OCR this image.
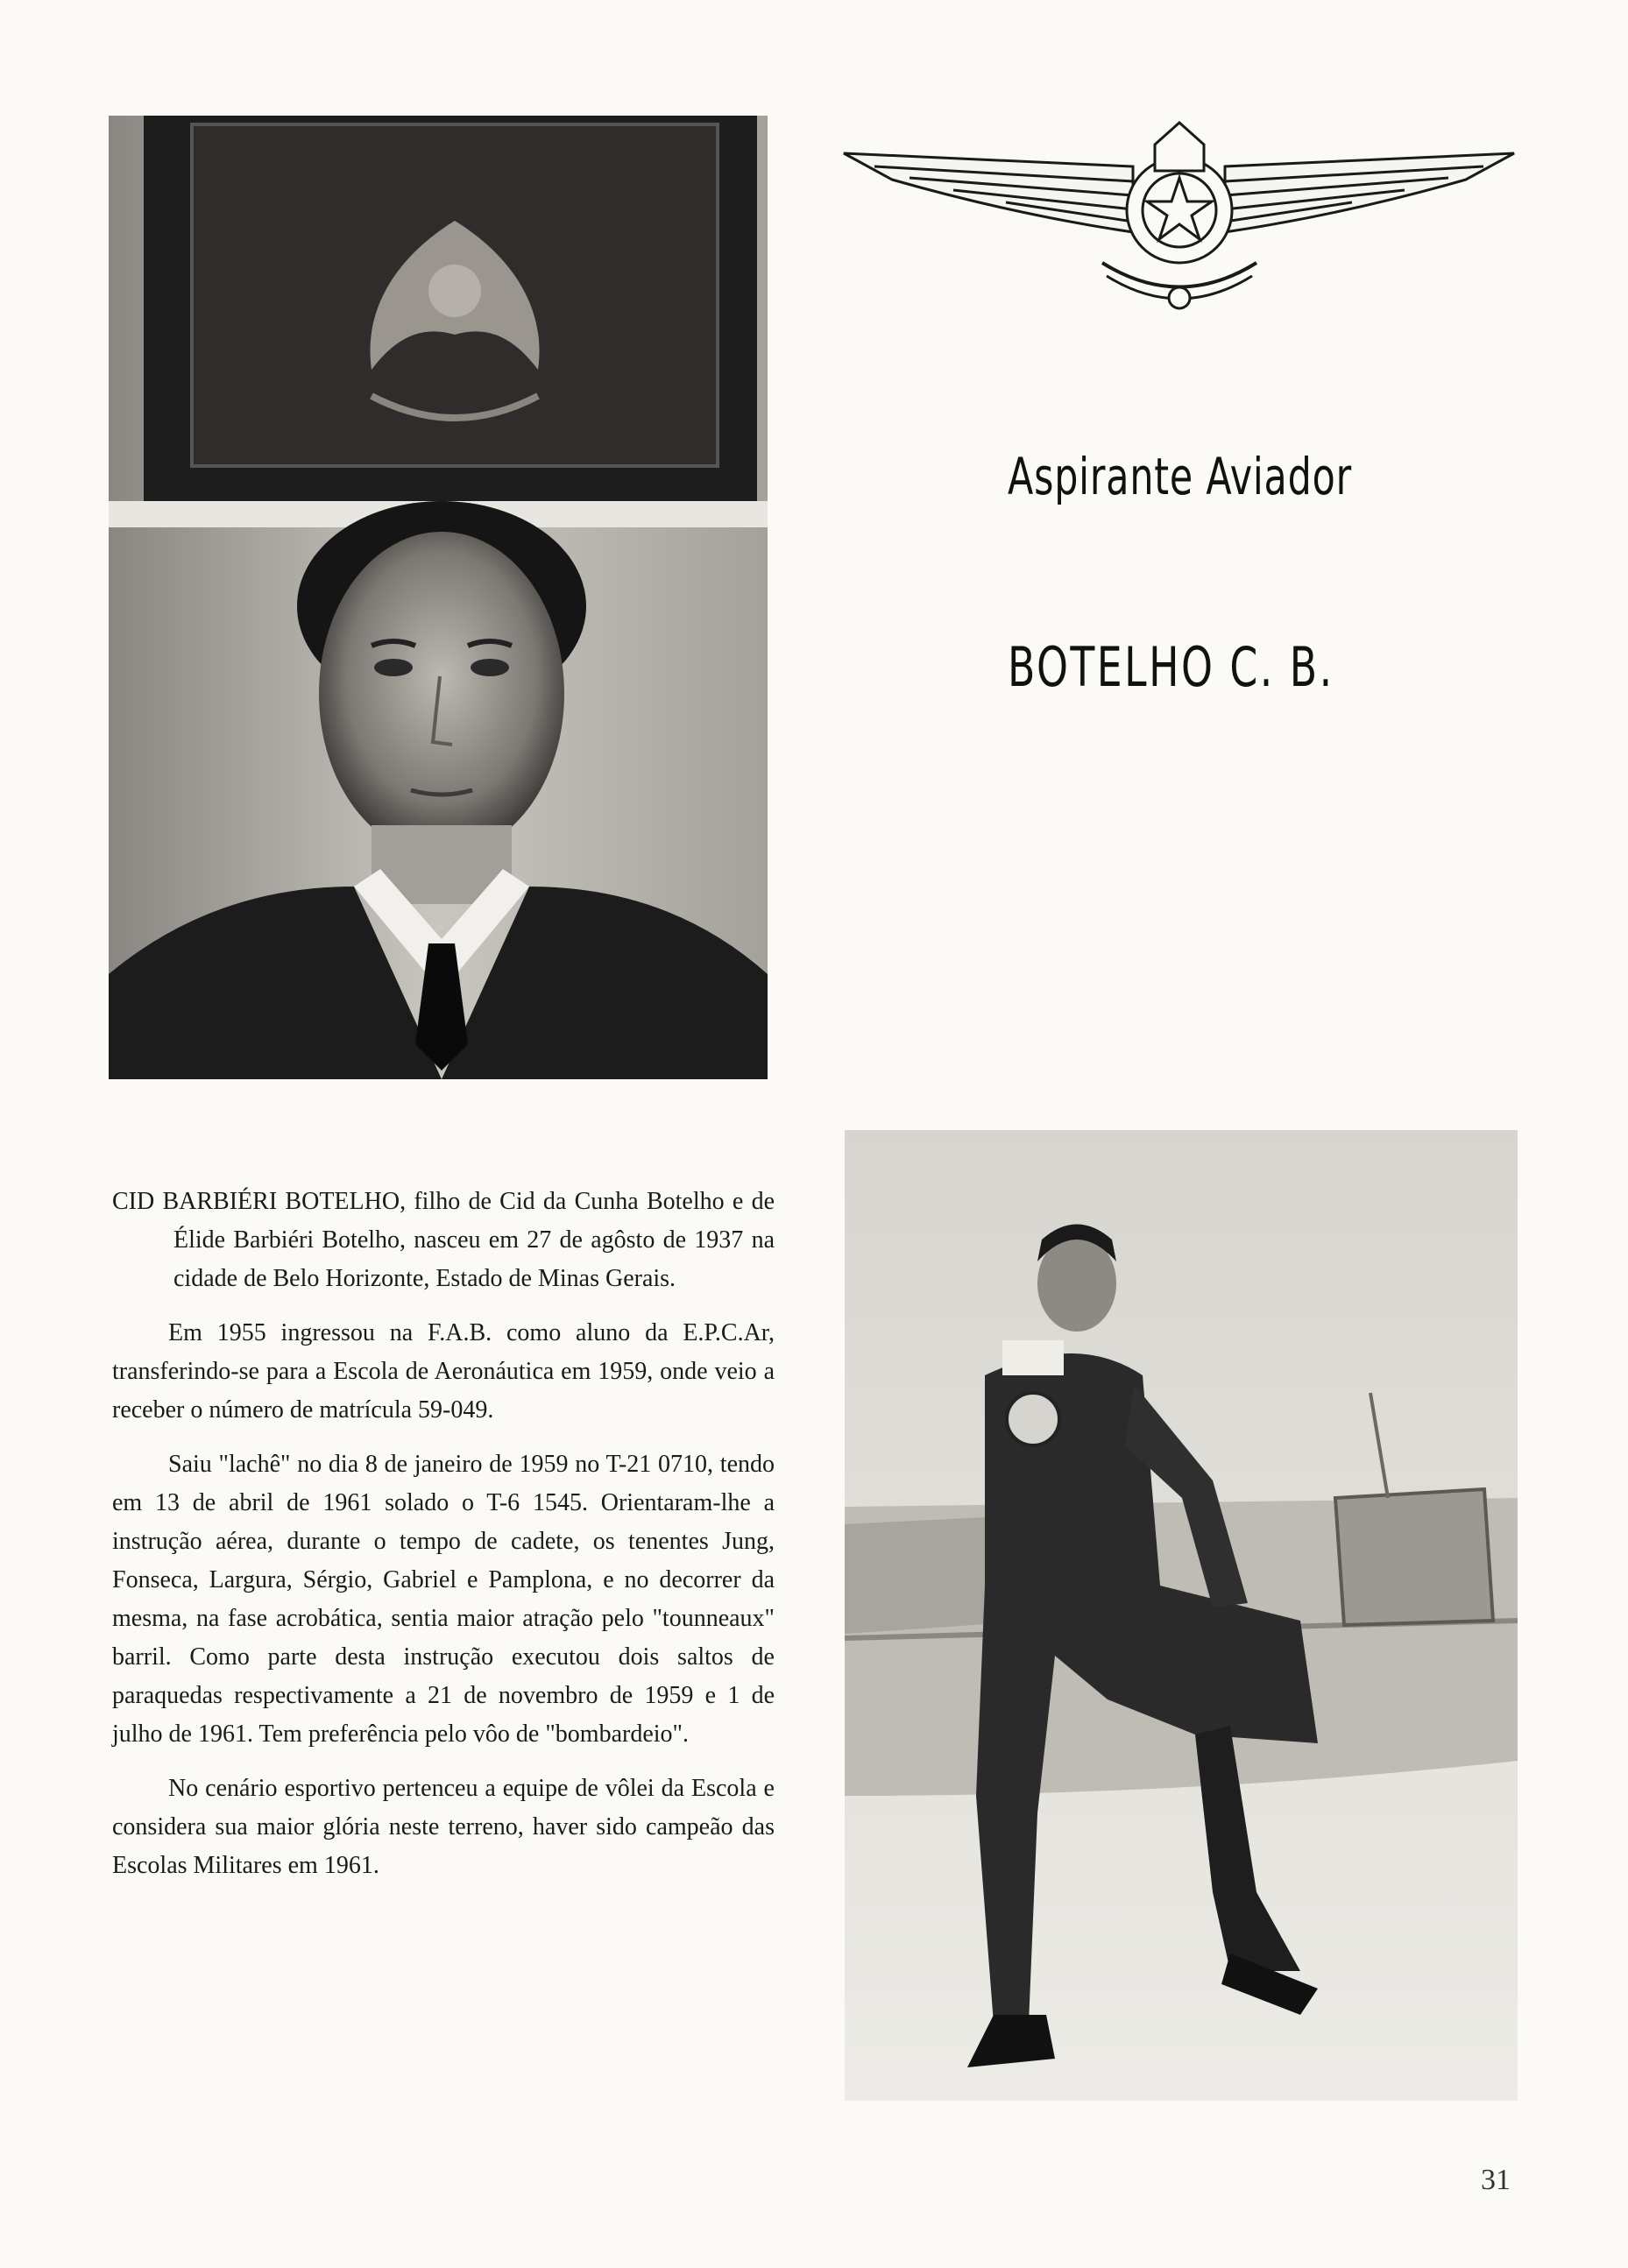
Aspirante Aviador
BOTELHO C. B.

CID BARBIÉRI BOTELHO, filho de Cid da Cunha Botelho e de Élide Barbiéri Botelho, nasceu em 27 de agôsto de 1937 na cidade de Belo Horizonte, Estado de Minas Gerais.

Em 1955 ingressou na F.A.B. como aluno da E.P.C.Ar, transferindo-se para a Escola de Aeronáutica em 1959, onde veio a receber o número de matrícula 59-049.

Saiu "lachê" no dia 8 de janeiro de 1959 no T-21 0710, tendo em 13 de abril de 1961 solado o T-6 1545. Orientaram-lhe a instrução aérea, durante o tempo de cadete, os tenentes Jung, Fonseca, Largura, Sérgio, Gabriel e Pamplona, e no decorrer da mesma, na fase acrobática, sentia maior atração pelo "tounneaux" barril. Como parte desta instrução executou dois saltos de paraquedas respectivamente a 21 de novembro de 1959 e 1 de julho de 1961. Tem preferência pelo vôo de "bombardeio".

No cenário esportivo pertenceu a equipe de vôlei da Escola e considera sua maior glória neste terreno, haver sido campeão das Escolas Militares em 1961.

31
